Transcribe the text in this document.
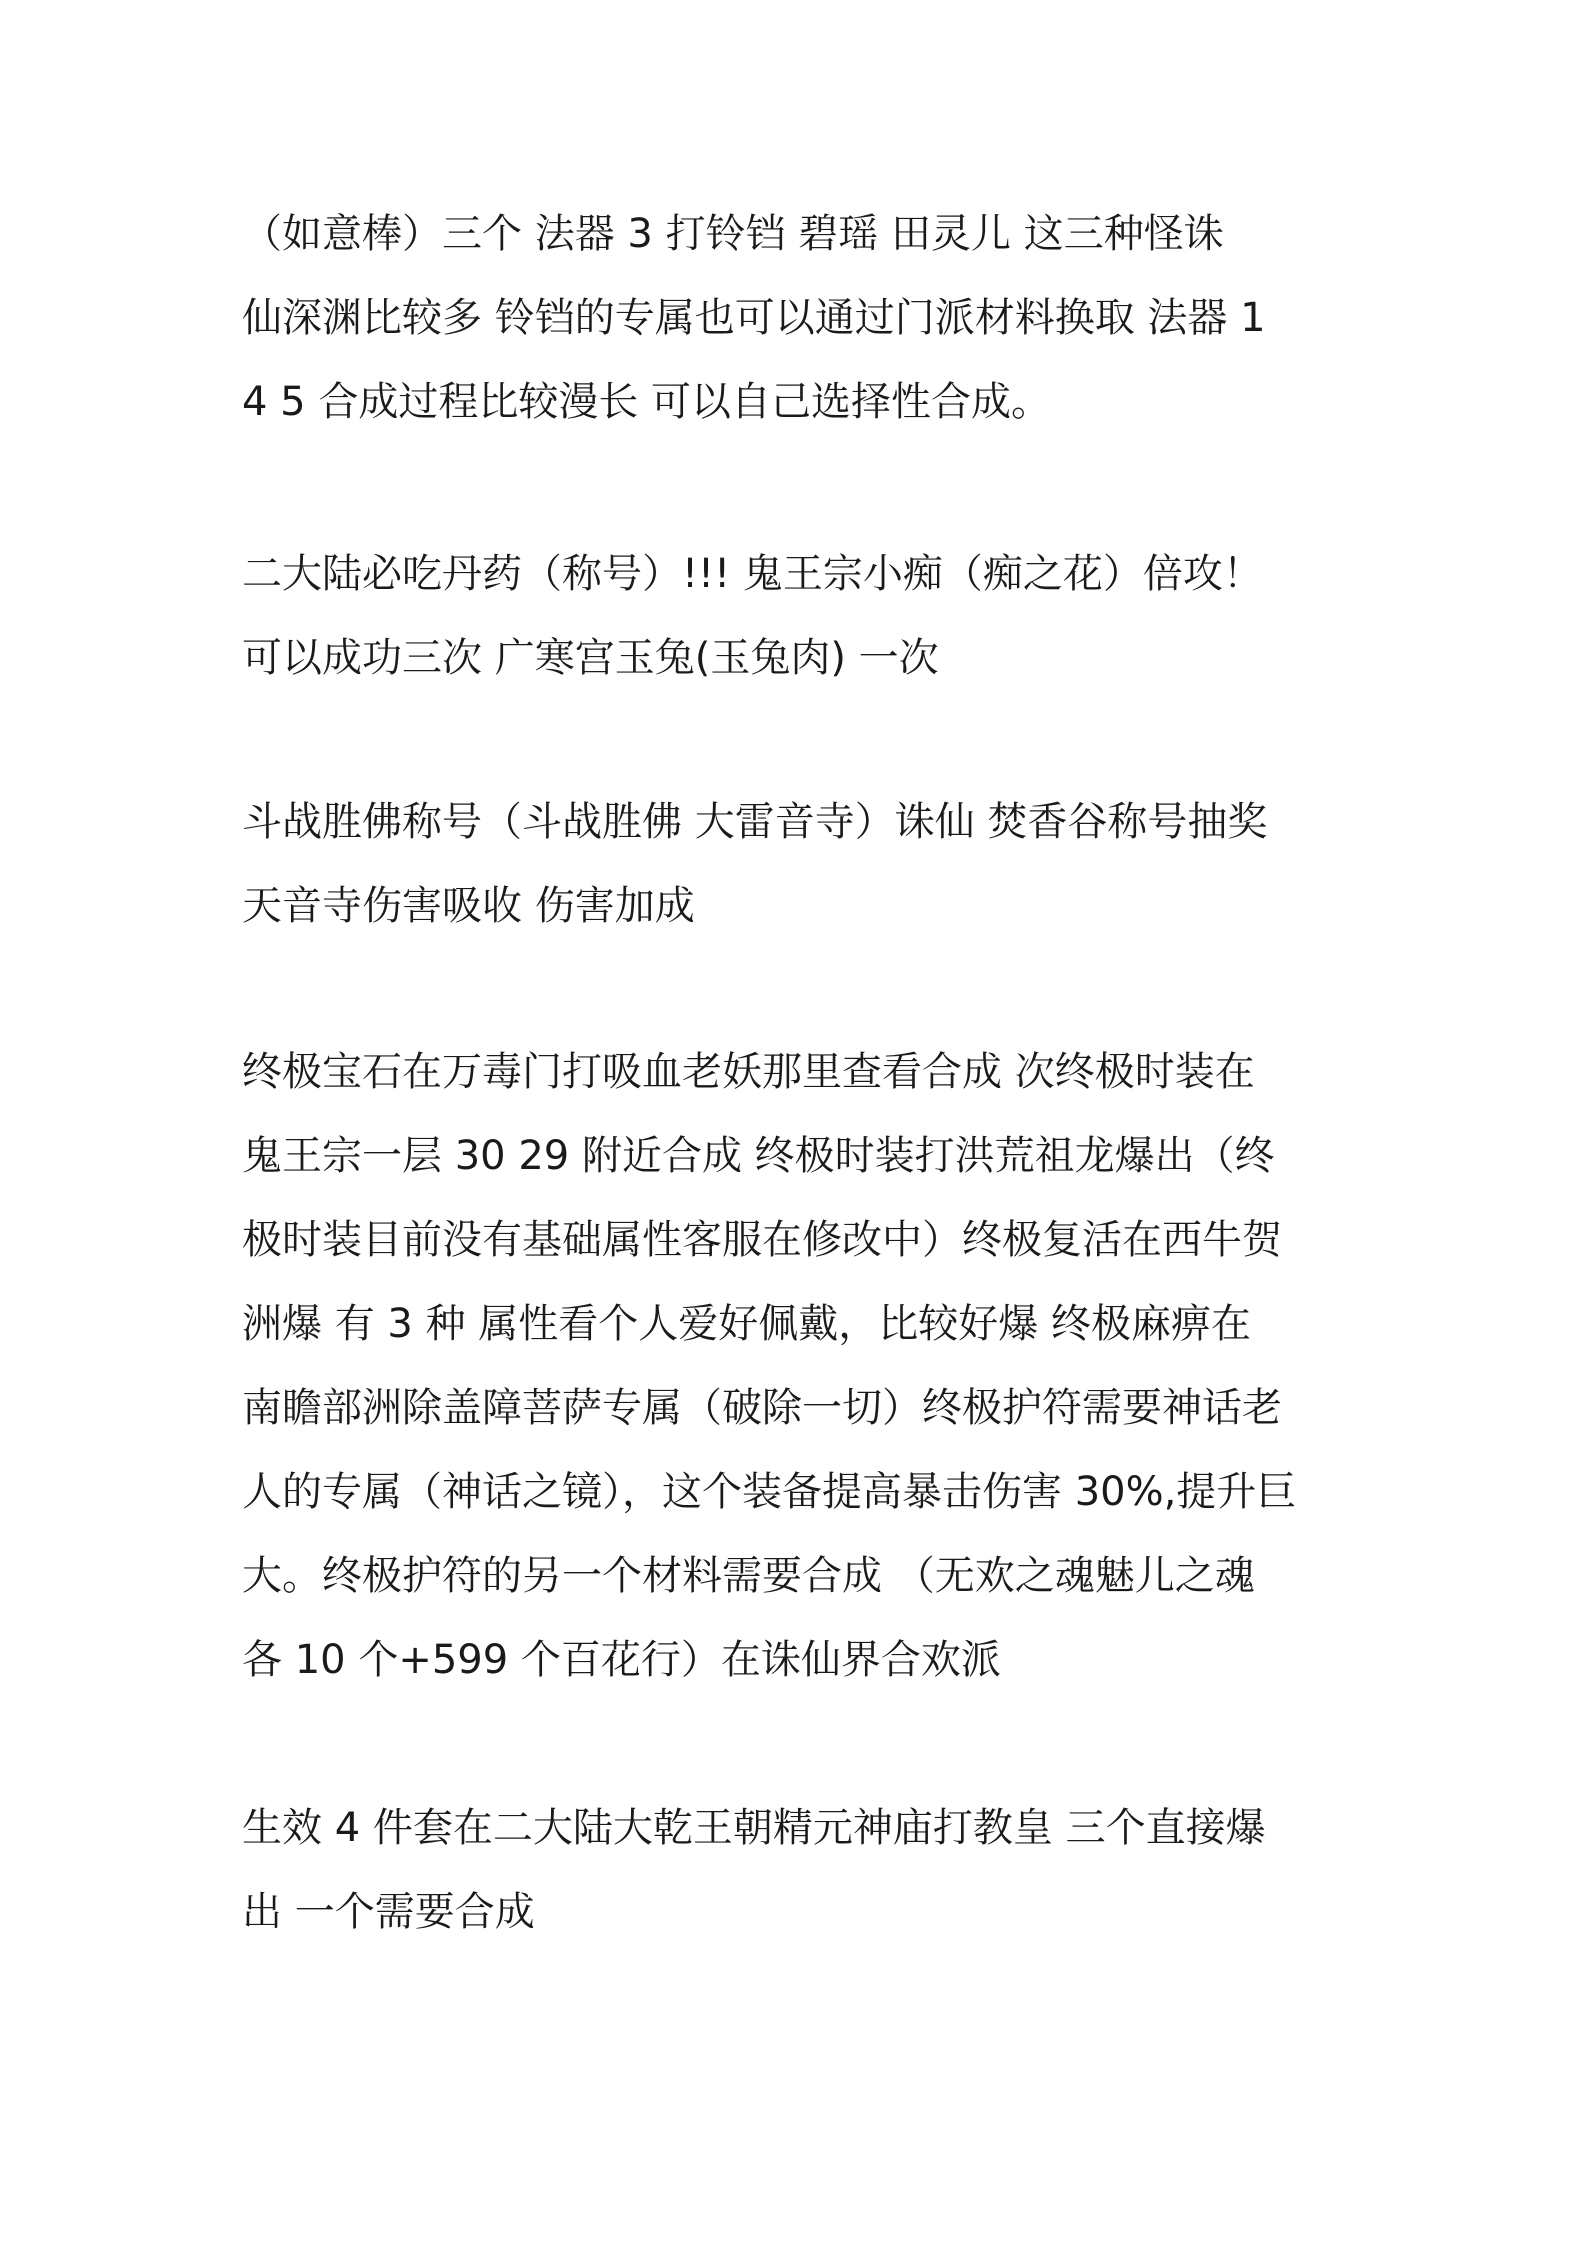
（如意棒）三个 法器 3 打铃铛 碧瑶 田灵儿 这三种怪诛
仙深渊比较多 铃铛的专属也可以通过门派材料换取 法器 1
4 5 合成过程比较漫长 可以自己选择性合成。

二大陆必吃丹药（称号）!!! 鬼王宗小痴（痴之花）倍攻！
可以成功三次 广寒宫玉兔(玉兔肉) 一次

斗战胜佛称号（斗战胜佛 大雷音寺）诛仙 焚香谷称号抽奖
天音寺伤害吸收 伤害加成

终极宝石在万毒门打吸血老妖那里查看合成 次终极时装在
鬼王宗一层 30 29 附近合成 终极时装打洪荒祖龙爆出（终
极时装目前没有基础属性客服在修改中）终极复活在西牛贺
洲爆 有 3 种 属性看个人爱好佩戴，比较好爆 终极麻痹在
南瞻部洲除盖障菩萨专属（破除一切）终极护符需要神话老
人的专属（神话之镜），这个装备提高暴击伤害 30%,提升巨
大。终极护符的另一个材料需要合成 （无欢之魂魅儿之魂
各 10 个+599 个百花行）在诛仙界合欢派

生效 4 件套在二大陆大乾王朝精元神庙打教皇 三个直接爆
出 一个需要合成
